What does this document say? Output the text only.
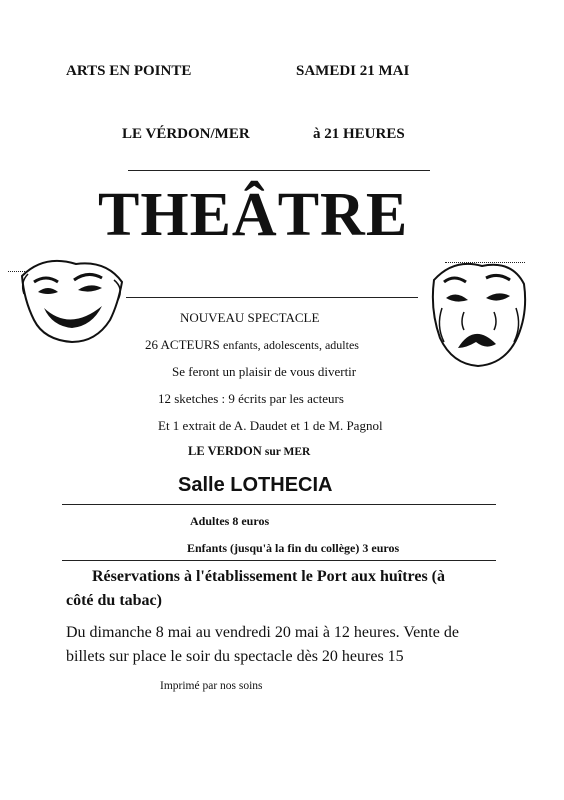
ARTS EN POINTE	SAMEDI 21 MAI
LE VÉRDON/MER	à 21 HEURES
THEÂTRE
NOUVEAU SPECTACLE
26 ACTEURS enfants, adolescents, adultes
Se feront un plaisir de vous divertir
12 sketches : 9 écrits par les acteurs
Et 1 extrait de A. Daudet et 1 de M. Pagnol
LE VERDON sur MER
Salle LOTHECIA
Adultes 8 euros
Enfants (jusqu'à la fin du collège) 3 euros
Réservations à l'établissement le Port aux huîtres (à
côté du tabac)
Du dimanche 8 mai au vendredi 20 mai à 12 heures. Vente de
billets sur place le soir du spectacle dès 20 heures 15
Imprimé par nos soins
